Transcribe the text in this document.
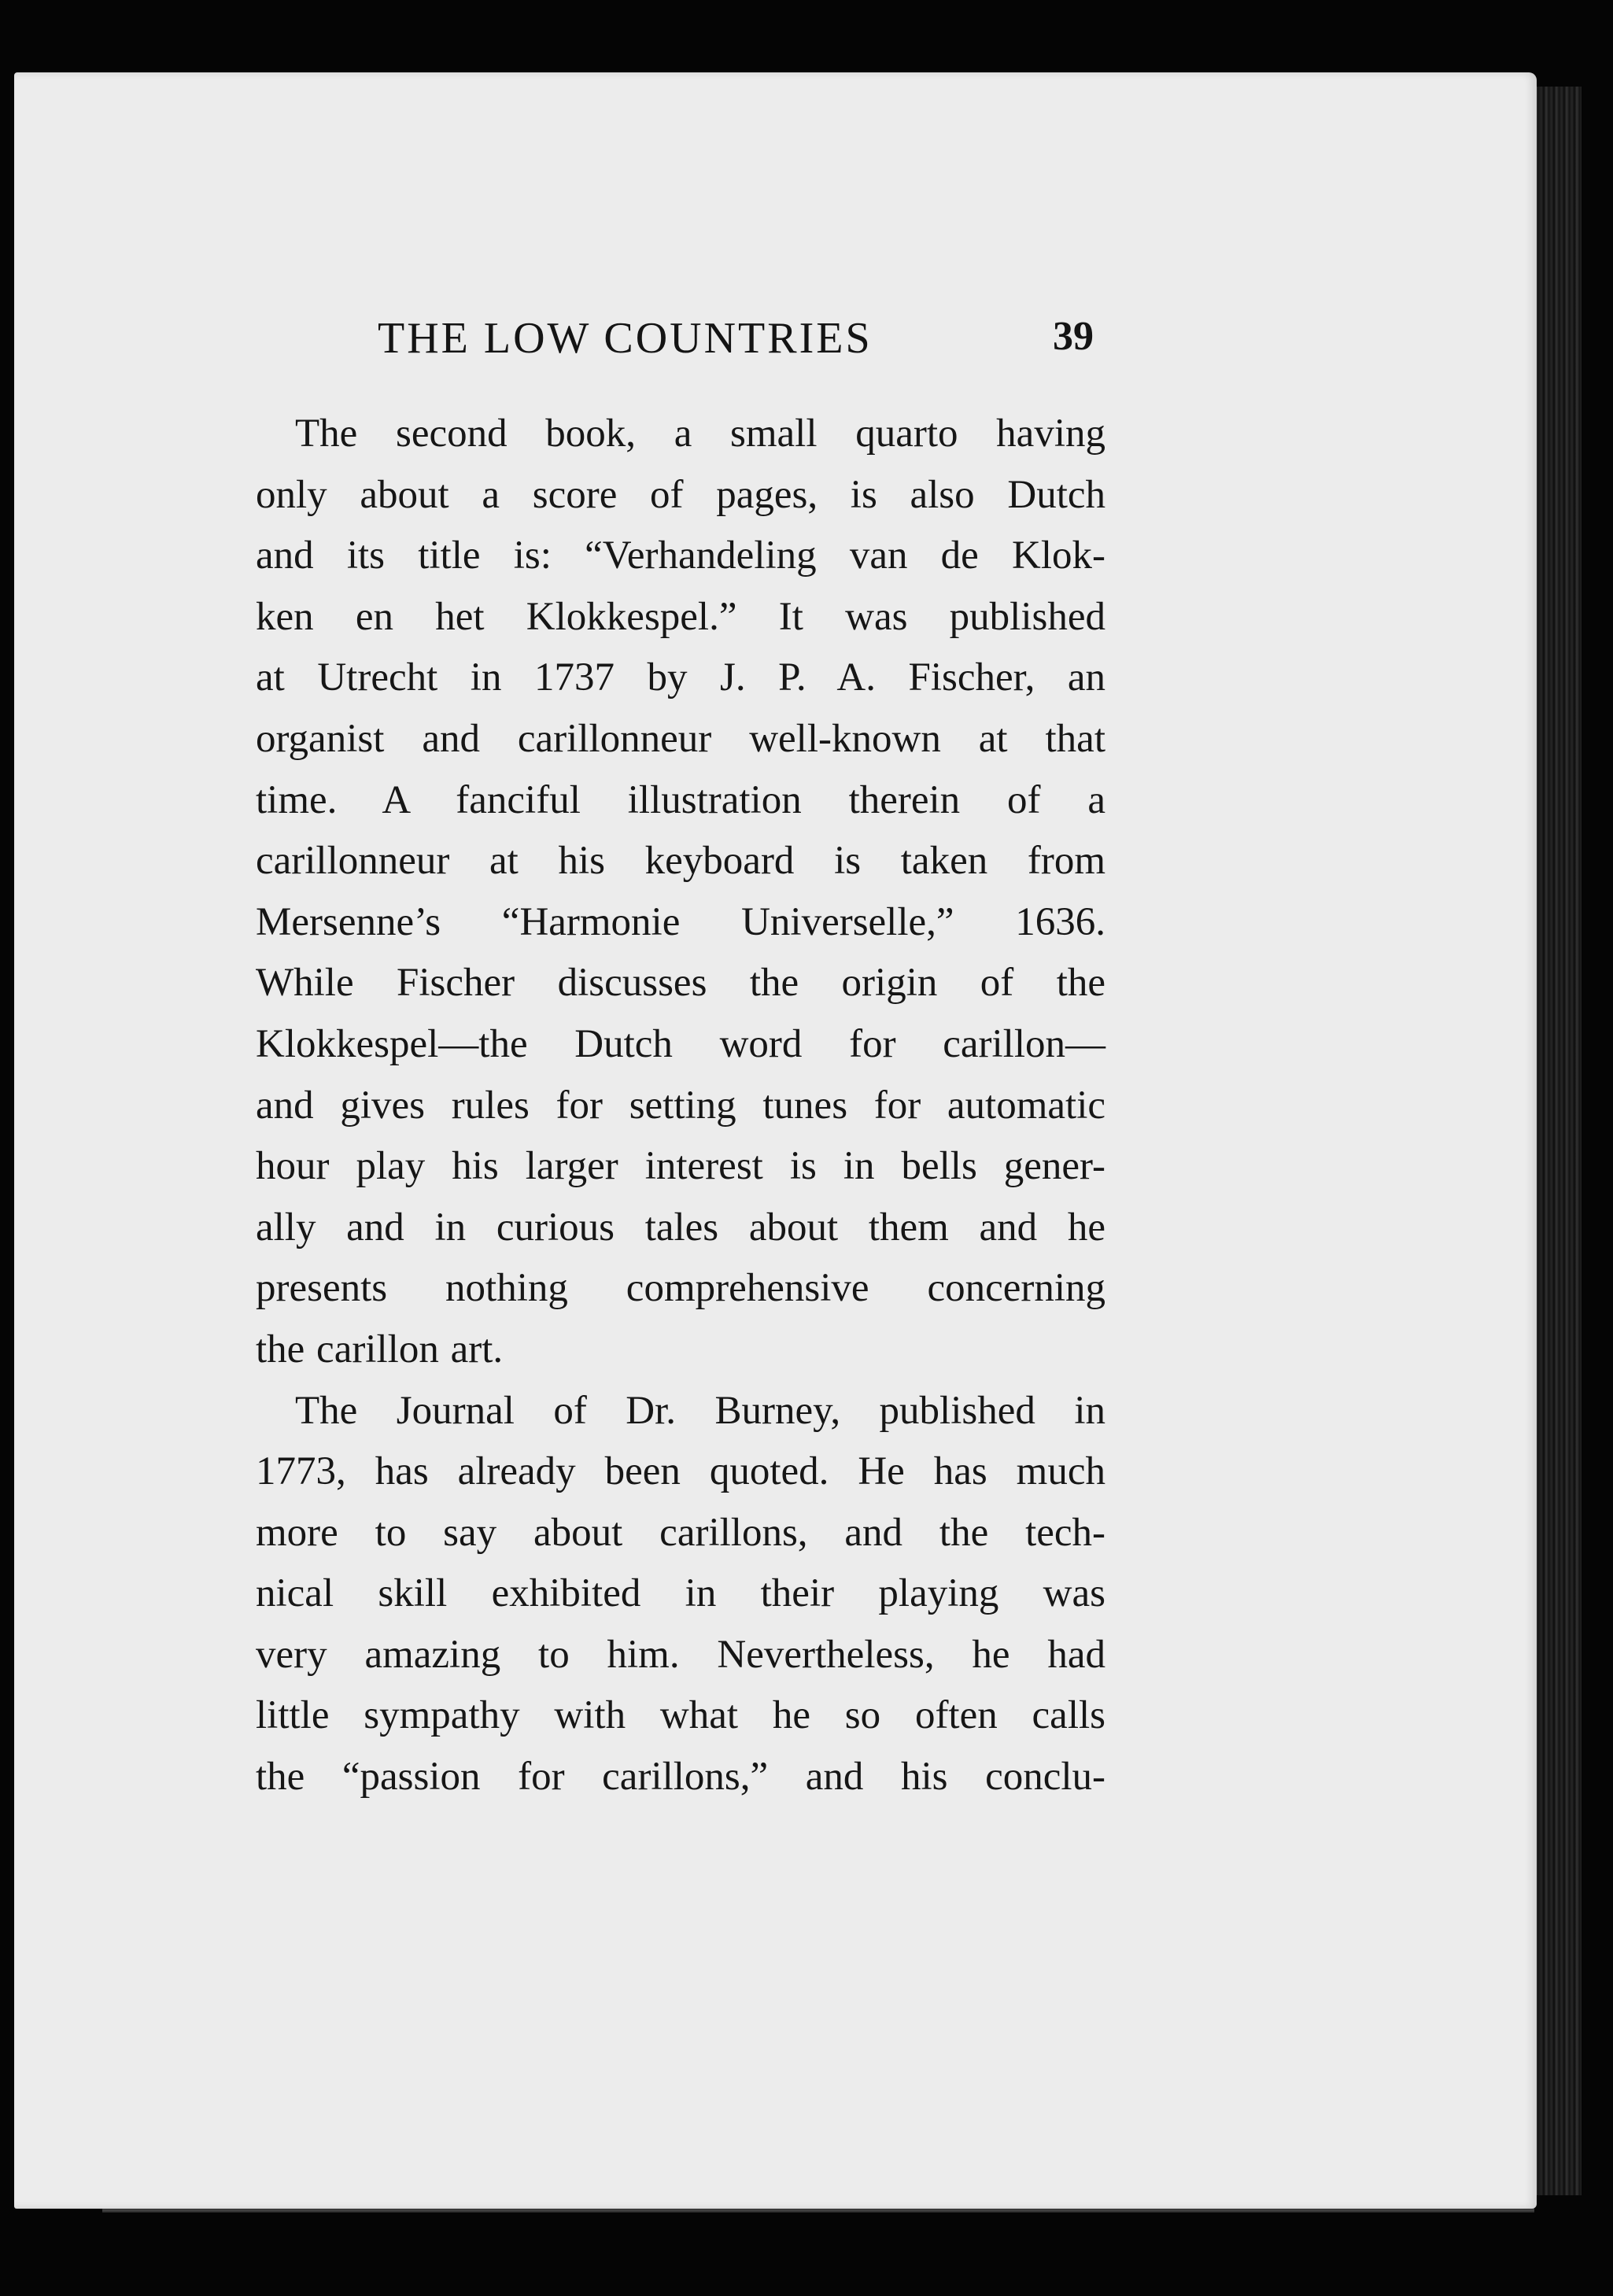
THE LOW COUNTRIES	39
The second book, a small quarto having
only about a score of pages, is also Dutch
and its title is: “Verhandeling van de Klok-
ken en het Klokkespel.” It was published
at Utrecht in 1737 by J. P. A. Fischer, an
organist and carillonneur well-known at that
time. A fanciful illustration therein of a
carillonneur at his keyboard is taken from
Mersenne’s “Harmonie Universelle,” 1636.
While Fischer discusses the origin of the
Klokkespel—the Dutch word for carillon—
and gives rules for setting tunes for automatic
hour play his larger interest is in bells gener-
ally and in curious tales about them and he
presents nothing comprehensive concerning
the carillon art.
The Journal of Dr. Burney, published in
1773, has already been quoted. He has much
more to say about carillons, and the tech-
nical skill exhibited in their playing was
very amazing to him. Nevertheless, he had
little sympathy with what he so often calls
the “passion for carillons,” and his conclu-
